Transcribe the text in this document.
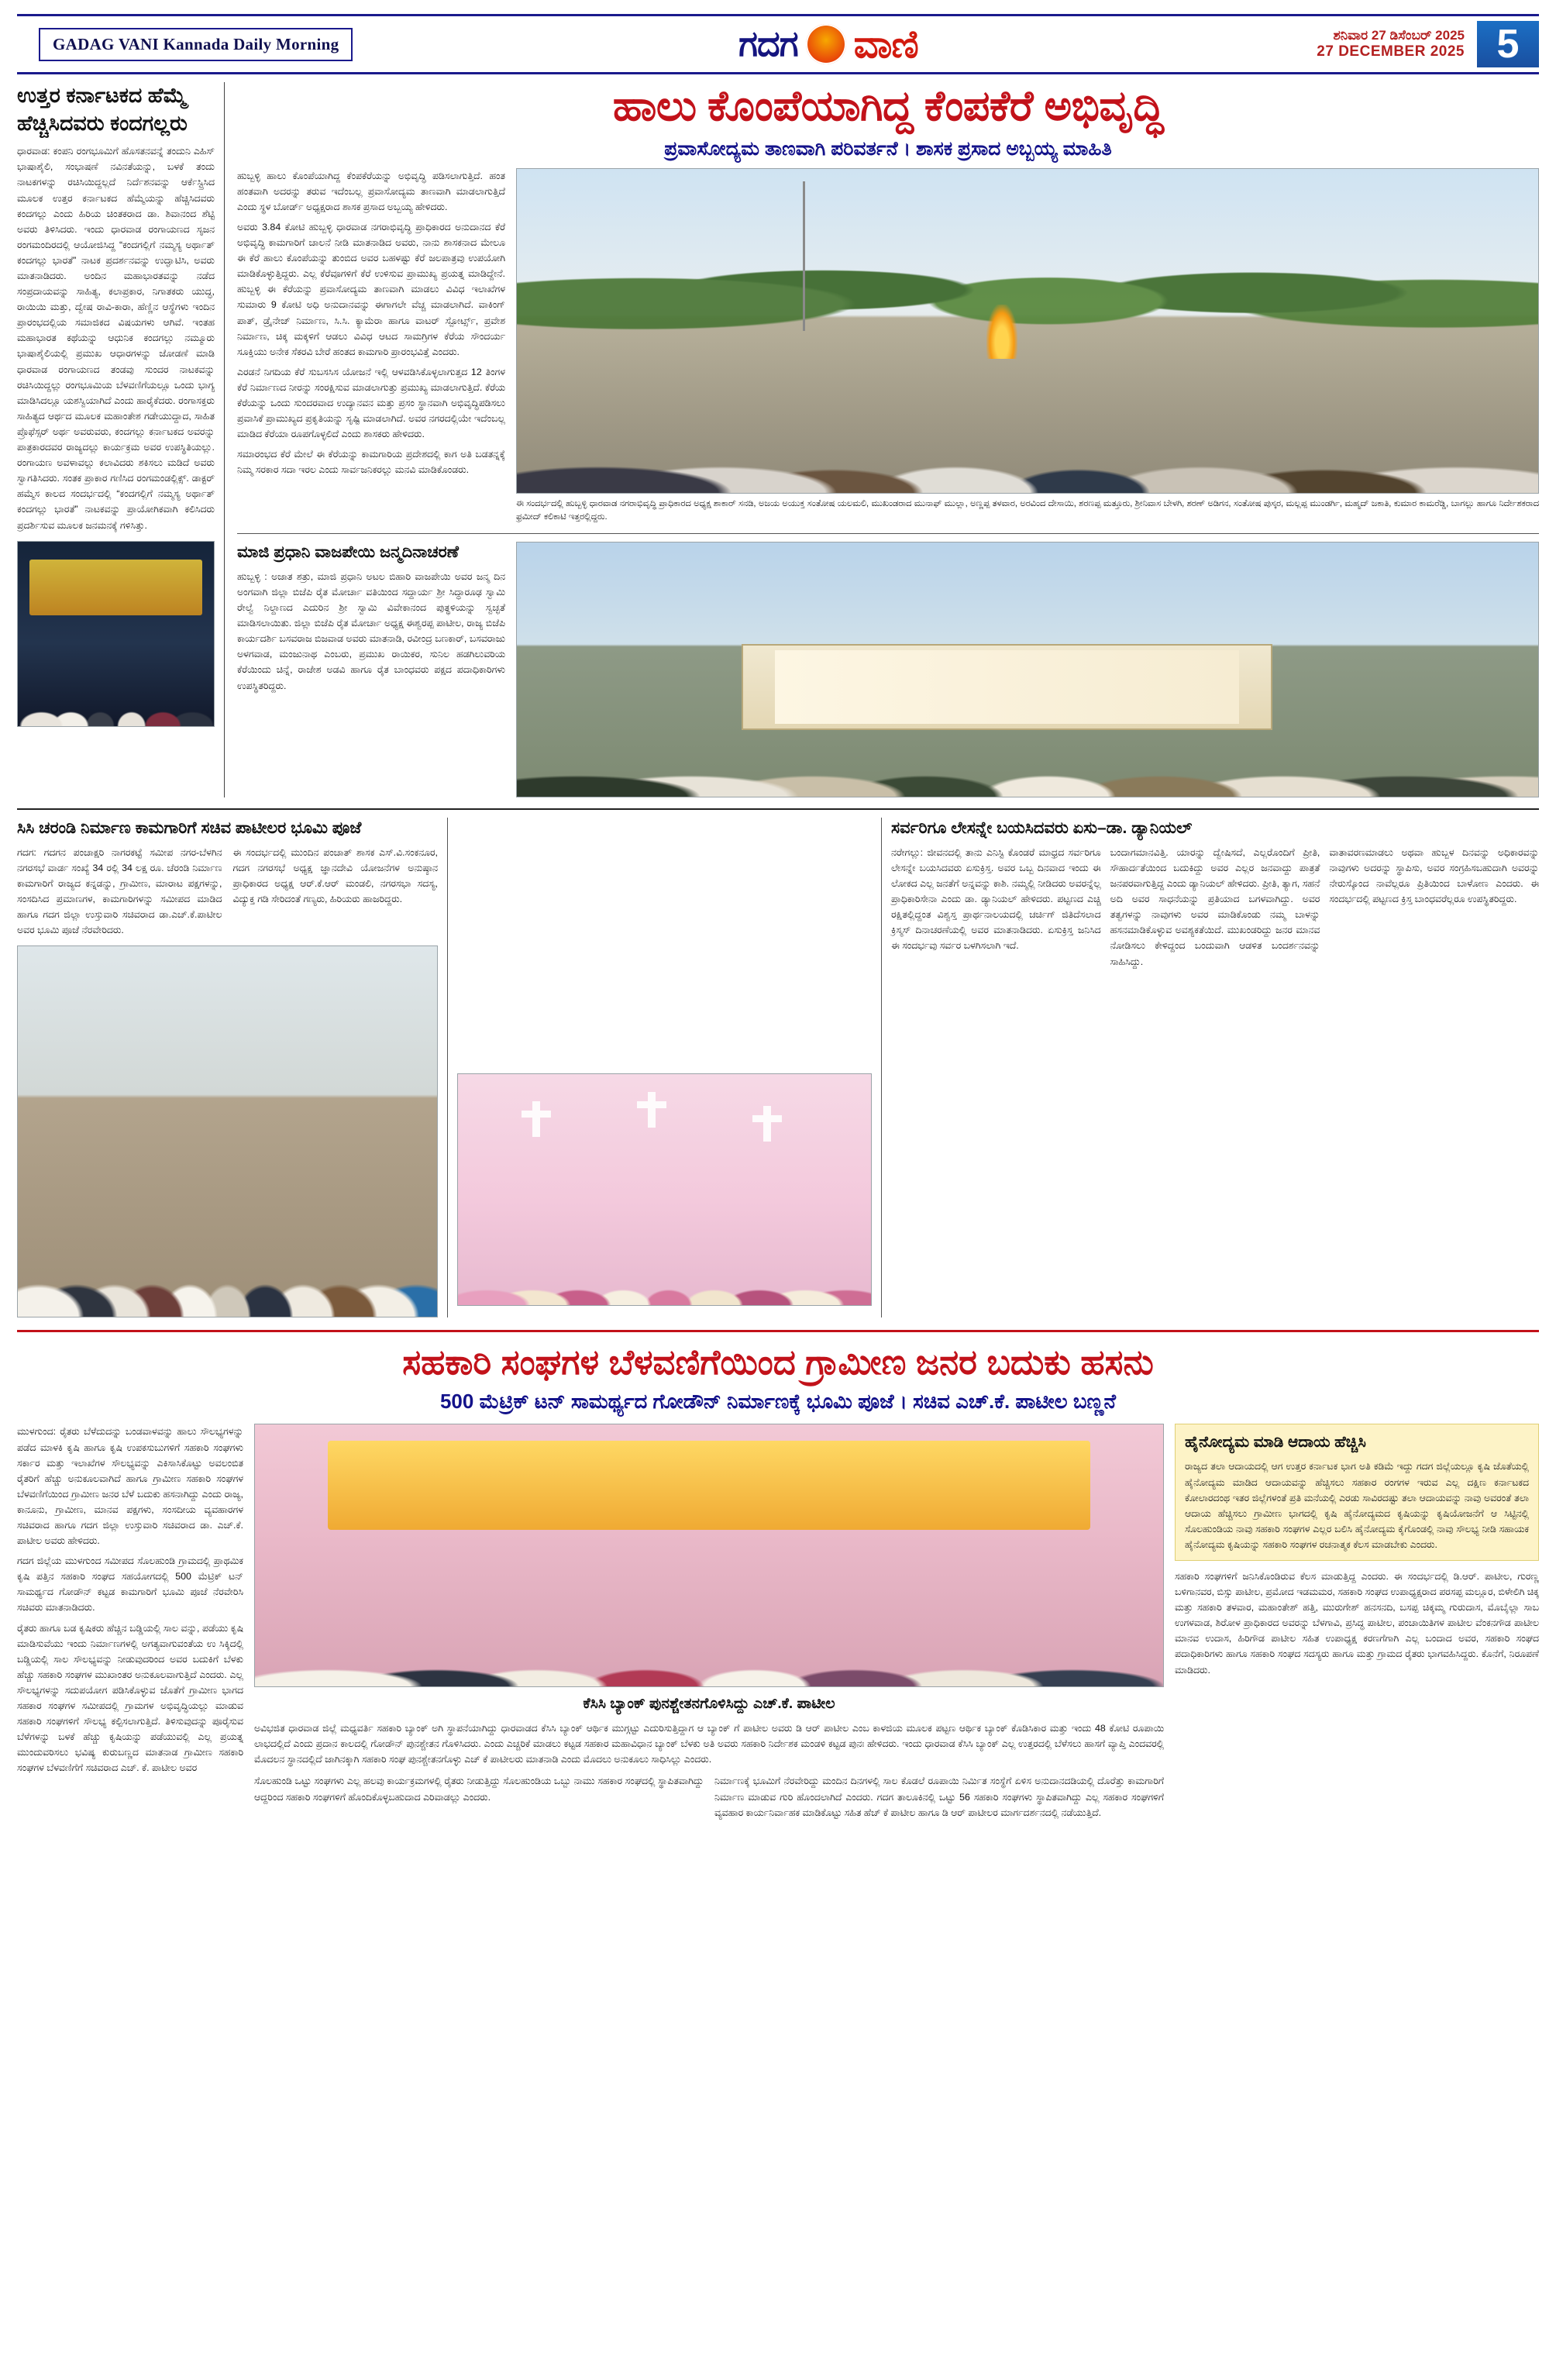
GADAG VANI Kannada Daily Morning	ಗದಗ ವಾಣಿ	ಶನಿವಾರ 27 ಡಿಸೆಂಬರ್ 2025
27 DECEMBER 2025 5
ಉತ್ತರ ಕರ್ನಾಟಕದ ಹೆಮ್ಮೆ ಹೆಚ್ಚಿಸಿದವರು ಕಂದಗಲ್ಲರು
ಧಾರವಾಡ: ಕಂಪನಿ ರಂಗಭೂಮಿಗೆ ಹೊಸತನವನ್ನೆ ತಂದುನಿ ಎಹಿಸ್ ಭಾಷಾಶೈಲಿ, ಸಂಭಾಷಣೆ ನವಿನತೆಯನ್ನು, ಬಳಕೆ ತಂದು ನಾಟಕಗಳನ್ನು ರಚಿಸಿಯಿದ್ದಲ್ಲದೆ ನಿರ್ದೆಶನವನ್ನು ಆರ್ಕೆಸ್ಟ್ರಿಸಿದ ಮೂಲಕ ಉತ್ತರ ಕರ್ನಾಟಕದ ಹೆಮ್ಮೆಯನ್ನು ಹೆಚ್ಚಿಸಿದವರು ಕಂದಗಲ್ಲು ಎಂದು ಹಿರಿಯ ಚಿಂತಕರಾದ ಡಾ. ಶಿವಾನಂದ ಶೆಟ್ಟಿ ಅವರು ತಿಳಿಸಿದರು. ಇಂದು ಧಾರವಾಡ ರಂಗಾಯಣದ ಸೃಜನ ರಂಗಮಂದಿರದಲ್ಲಿ ಆಯೋಜಿಸಿದ್ದ “ಕಂದಗಲ್ಲಿಗೆ ನಮ್ಮಸ್ಯ ಅರ್ಥಾತ್ ಕಂದಗಲ್ಲು ಭಾರತೆ” ನಾಟಕ ಪ್ರದರ್ಶನವನ್ನು ಉದ್ಘಾಟಿಸಿ, ಅವರು ಮಾತನಾಡಿದರು. ಅಂದಿನ ಮಹಾಭಾರತವನ್ನು ನಡೆದ ಸಂಪ್ರದಾಯವನ್ನು ಸಾಹಿತ್ಯ, ಕಲಾಪ್ರಕಾರ, ನಿಗಾತಕರು ಯುದ್ಧ, ರಾಯಿಯಿ ಮತ್ತು, ದ್ವೇಷ ರಾವಿ-ಕಾರಾ, ಹೆಣ್ಣಿನ ಆಸ್ಥೆಗಳು ಇಂದಿನ ಪ್ರಾರಂಭದಲ್ಲಿಯ ಸಮಾಜಿಕದ ವಿಷಯಗಳು ಆಗಿವೆ. ಇಂತಹ ಮಹಾಭಾರತ ಕಥೆಯನ್ನು ಆಧುನಿಕ ಕಂದಗಲ್ಲು ನಮ್ಮೂರು ಭಾಷಾಶೈಲಿಯಲ್ಲಿ ಪ್ರಮುಖ ಆಧಾರಗಳನ್ನು ಜೋಡಣೆ ಮಾಡಿ ಧಾರವಾಡ ರಂಗಾಯಣದ ತಂಡವು ಸುಂದರ ನಾಟಕವನ್ನು ರಚಿಸಿಯಿದ್ದಲ್ಲು ರಂಗಭೂಮಿಯ ಬೆಳವಣಿಗೆಯಲ್ಲೂ ಒಂದು ಭಾಗ್ಯ ಮಾಡಿಸಿದಲ್ಲೂ ಯಶಸ್ವಿಯಾಗಿದೆ ಎಂದು ಹಾರೈಕೆದರು. ರಂಗಾಸಕ್ತರು ಸಾಹಿತ್ಯದ ಆರ್ಥದ ಮೂಲಕ ಮಹಾಂತೇಶ ಗಡೇಯುದ್ದಾದ, ಸಾಹಿತ ಪ್ರೊಫೆಸ್ಸರ್ ಅರ್ಥ ಅವರುವರು, ಕಂದಗಲ್ಲು ಕರ್ನಾಟಕದ ಅವರನ್ನು ಪಾತ್ರಕಾರದವರ ರಾಜ್ಯದಲ್ಲು ಕಾರ್ಯಕ್ರಮ ಅವರ ಉಪಸ್ಥಿತಿಯಲ್ಲು. ರಂಗಾಯಣ ಅವಳಾವಲ್ಲು ಕಲಾವಿದರು ಶಕಿಸಲು ಮಡಿದೆ ಅವರು ಸ್ವಾಗತಿಸಿದರು. ಸಂತಕ ಪ್ರಾಕಾರ ಗಣಿಸಿದ ರಂಗಮಂಡಲ್ಲಿಕ್ಸ್. ಡಾಕ್ಟರ್ ಹಮ್ಮೆಸ ಕಾಲದ ಸಂದರ್ಭದಲ್ಲಿ “ಕಂದಗಲ್ಲಿಗೆ ನಮ್ಮಸ್ಯ ಅರ್ಥಾತ್ ಕಂದಗಲ್ಲು ಭಾರತೆ” ನಾಟಕವನ್ನು ಪ್ರಾಯೋಗಿಕವಾಗಿ ಕಲಿಸಿದರು ಪ್ರದರ್ಶಿಸುವ ಮೂಲಕ ಜನಮನಕ್ಕೆ ಗಳಿಸಿತ್ತು.
ಹಾಲು ಕೊಂಪೆಯಾಗಿದ್ದ ಕೆಂಪಕೆರೆ ಅಭಿವೃದ್ಧಿ
ಪ್ರವಾಸೋದ್ಯಮ ತಾಣವಾಗಿ ಪರಿವರ್ತನೆ । ಶಾಸಕ ಪ್ರಸಾದ ಅಬ್ಬಯ್ಯ ಮಾಹಿತಿ
ಹುಬ್ಬಳ್ಳಿ ಹಾಲು ಕೊಂಪೆಯಾಗಿದ್ದ ಕೆಂಪಕೆರೆಯನ್ನು ಅಭಿವೃದ್ಧಿ ಪಡಿಸಲಾಗುತ್ತಿದೆ. ಹಂತ ಹಂತವಾಗಿ ಅದರನ್ನು ತರುವ ಇದೆಂಬಲ್ಲ ಪ್ರವಾಸೋದ್ಯಮ ತಾಣವಾಗಿ ಮಾಡಲಾಗುತ್ತಿದೆ ಎಂದು ಸ್ಥಳ ಬೋರ್ಡ್ ಅಧ್ಯಕ್ಷರಾದ ಶಾಸಕ ಪ್ರಸಾದ ಅಬ್ಬಯ್ಯ ಹೇಳಿದರು.
ಅವರು 3.84 ಕೋಟಿ ಹುಬ್ಬಳ್ಳಿ ಧಾರವಾಡ ನಗರಾಭಿವೃದ್ಧಿ ಪ್ರಾಧಿಕಾರದ ಅನುದಾನದ ಕೆರೆ ಅಭಿವೃದ್ಧಿ ಕಾಮಗಾರಿಗೆ ಚಾಲನೆ ನೀಡಿ ಮಾತನಾಡಿದ ಅವರು, ನಾನು ಶಾಸಕನಾದ ಮೇಲೂ ಈ ಕೆರೆ ಹಾಲು ಕೊಂಪೆಯನ್ನು ತುಂಬಿದ ಅವರ ಬಹಳಷ್ಟು ಕೆರೆ ಜಲಪಾತ್ರವು ಉಪಯೋಗಿ ಮಾಡಿಕೊಳ್ಳುತ್ತಿದ್ದರು. ಎಲ್ಲ ಕೆರೆವೂಗಳಿಗೆ ಕೆರೆ ಉಳಿಸುವ ಪ್ರಾಮುಖ್ಯ ಪ್ರಯತ್ನ ಮಾಡಿದ್ದೇನೆ. ಹುಬ್ಬಳ್ಳಿ ಈ ಕೆರೆಯನ್ನು ಪ್ರವಾಸೋದ್ಯಮ ತಾಣವಾಗಿ ಮಾಡಲು ವಿವಿಧ ಇಲಾಖೆಗಳ ಸುಮಾರು 9 ಕೋಟಿ ಅಧಿ ಅನುದಾನವನ್ನು ಈಗಾಗಲೇ ವೆಚ್ಚ ಮಾಡಲಾಗಿದೆ. ವಾಕಿಂಗ್ ಪಾತ್, ಡ್ರೈನೇಜ್ ನಿರ್ಮಾಣ, ಸಿ.ಸಿ. ಕ್ಯಾಮೆರಾ ಹಾಗೂ ವಾಟರ್ ಸ್ಪೋರ್ಟ್ಸ್, ಪ್ರವೇಶ ನಿರ್ಮಾಣ, ಚಿಕ್ಕ ಮಕ್ಕಳಿಗೆ ಆಡಲು ವಿವಿಧ ಆಟದ ಸಾಮಗ್ರಿಗಳ ಕೆರೆಯ ಸೌಂದರ್ಯ ಸೂಕ್ತಿಯು ಅನೇಕ ಸೆಕರವಿ ಬೇರೆ ಹಂತದ ಕಾಮಗಾರಿ ಪ್ರಾರಂಭವಿತ್ತೆ ಎಂದರು.
ಎರಡನೆ ನಿಗದಿಯ ಕೆರೆ ಸುಬಸಸಿಸ ಯೋಜನೆ ಇಲ್ಲಿ ಆಳವಡಿಸಿಕೊಳ್ಳಲಾಗುತ್ತದ 12 ತಿಂಗಳ ಕೆರೆ ನಿರ್ಮಾಣದ ನೀರನ್ನು ಸಂರಕ್ಷಿಸುವ ಮಾಡಲಾಗುತ್ತು ಪ್ರಮುಖ್ಯ ಮಾಡಲಾಗುತ್ತಿದೆ. ಕೆರೆಯ ಕೆರೆಯನ್ನು ಒಂದು ಸುಂದರವಾದ ಉದ್ಯಾನವನ ಮತ್ತು ಪ್ರಸಂ ಸ್ಥಾನವಾಗಿ ಅಭಿವೃದ್ಧಿಪಡಿಸಲು ಪ್ರವಾಸಿಕೆ ಪ್ರಾಮುಖ್ಯದ ಪ್ರಕೃತಿಯನ್ನು ಸೃಷ್ಟಿ ಮಾಡಲಾಗಿದೆ. ಅವರ ನಗರದಲ್ಲಿಯೇ ಇದೆಂಬಲ್ಲ ಮಾಡಿದ ಕೆರೆಯಾ ರೂಪಗೊಳ್ಳಲಿದೆ ಎಂದು ಶಾಸಕರು ಹೇಳಿದರು.
ಸಮಾರಂಭದ ಕೆರೆ ಮೇಲೆ ಈ ಕೆರೆಯನ್ನು ಕಾಮಗಾರಿಯ ಪ್ರದೇಶದಲ್ಲಿ ಕಾಗ ಅತಿ ಬಡತನ್ನಕ್ಕೆ ನಿಮ್ಮ ಸರಕಾರ ಸದಾ ಇರಲ ಎಂದು ಸಾರ್ವಜನಿಕರಲ್ಲು ಮನವಿ ಮಾಡಿಕೊಂಡರು.
ಈ ಸಂದರ್ಭದಲ್ಲಿ ಹುಬ್ಬಳ್ಳಿ ಧಾರವಾಡ ನಗರಾಭಿವೃದ್ಧಿ ಪ್ರಾಧಿಕಾರದ ಅಧ್ಯಕ್ಷ ಶಾಕಾರ್ ಸನಡಿ, ಅಜಯ ಅಯುಕ್ತ ಸಂತೋಷ ಯಲಮಲಿ, ಮುಖಂಡರಾದ ಮುನಾಫ್ ಮುಲ್ಲಾ, ಅಣ್ಣಪ್ಪ ತಳವಾರ, ಅರವಿಂದ ದೇಸಾಯಿ, ಶರಣಪ್ಪ ಮತ್ತೂರು, ಶ್ರೀನಿವಾಸ ಬೇಳಗಿ, ಶರಣ್ ಅಡಿಗನ, ಸಂತೋಷ ಪುಸ್ಕರ, ಮಲ್ಲಪ್ಪ ಮುಂಡರ್ಗಿ, ಮಹ್ಮದ್ ಜಕಾತಿ, ಕುಮಾರ ಕಾಮರೆಡ್ಡಿ, ಬಾಗಲ್ಲು ಹಾಗೂ ನಿರ್ದೇಶಕರಾದ ಫ್ರಮೀದ್ ಕಲಿಕಾಟಿ ಇತ್ತರಲ್ಲಿದ್ದರು.
ಮಾಜಿ ಪ್ರಧಾನಿ ವಾಜಪೇಯಿ ಜನ್ಮದಿನಾಚರಣೆ
ಹುಬ್ಬಳ್ಳಿ : ಅಜಾತ ಶತ್ರು, ಮಾಜಿ ಪ್ರಧಾನಿ ಅಟಲ ಬಿಹಾರಿ ವಾಜಪೇಯಿ ಅವರ ಜನ್ಮ ದಿನ ಅಂಗವಾಗಿ ಜಿಲ್ಲಾ ಬಿಜೆಪಿ ರೈತ ಮೋರ್ಚಾ ವತಿಯಿಂದ ಸದ್ದಾರ್ಯ ಶ್ರೀ ಸಿದ್ಧಾರೂಢ ಸ್ವಾಮಿ ರೇಲ್ವೆ ನಿಲ್ದಾಣದ ಎದುರಿನ ಶ್ರೀ ಸ್ವಾಮಿ ವಿವೇಕಾನಂದ ಪುತ್ಥಳಿಯನ್ನು ಸ್ವಚ್ಛತೆ ಮಾಡಿಸಲಾಯಿತು. ಜಿಲ್ಲಾ ಬಿಜೆಪಿ ರೈತ ಮೋರ್ಚಾ ಅಧ್ಯಕ್ಷ ಈಶ್ವರಪ್ಪ ಪಾಟೀಲ, ರಾಜ್ಯ ಬಿಜೆಪಿ ಕಾರ್ಯದರ್ಶಿ ಬಸವರಾಜ ಬಿಜವಾಡ ಅವರು ಮಾತನಾಡಿ, ರವೀಂದ್ರ ಬಣಕಾರ್, ಬಸವರಾಜು ಅಳಗವಾಡ, ಮಂಜುನಾಥ ಎಂಬರು, ಪ್ರಮುಖ ರಾಯಿಕರ, ಸುನಿಲ ಹಡಗಿಲುವರಿಯ ಕೆರೆಯಿಂದು ಚಿನ್ನೆ, ರಾಜೇಶ ಅಡವಿ ಹಾಗೂ ರೈತ ಬಾಂಧವರು ಪಕ್ಷದ ಪದಾಧಿಕಾರಿಗಳು ಉಪಸ್ಥಿತರಿದ್ದರು.
ಸಿಸಿ ಚರಂಡಿ ನಿರ್ಮಾಣ ಕಾಮಗಾರಿಗೆ ಸಚಿವ ಪಾಟೀಲರ ಭೂಮಿ ಪೂಜೆ
ಗದಗ: ಗದಗನ ಪಂಚಾಕ್ಷರಿ ನಾಗರಕಟ್ಟೆ ಸಮೀಪ ನಗರ-ಬೆಳಗಿನ ನಗರಸಭೆ ವಾರ್ಡ ಸಂಖ್ಯೆ 34 ರಲ್ಲಿ 34 ಲಕ್ಷ ರೂ. ಚೆರಂಡಿ ನಿರ್ಮಾಣ ಕಾಮಗಾರಿಗೆ ರಾಜ್ಯದ ಕನ್ನಡನ್ನು, ಗ್ರಾಮೀಣ, ಮಾರಾಟ ಪಕ್ಷಗಳನ್ನು, ಸಂಸದಿಸಿದ ಪ್ರಮಾಣಗಳ, ಕಾಮಗಾರಿಗಳನ್ನು ಸಮೀಪದ ಮಾಡಿದ ಹಾಗೂ ಗದಗ ಜಿಲ್ಲಾ ಉಸ್ತುವಾರಿ ಸಚಿವರಾದ ಡಾ.ಎಚ್.ಕೆ.ಪಾಟೀಲ ಅವರ ಭೂಮಿ ಪೂಜೆ ನೆರವೇರಿದರು.
ಈ ಸಂದರ್ಭದಲ್ಲಿ ಮುಂದಿನ ಪಂಚಾತ್ ಶಾಸಕ ಎಸ್.ವಿ.ಸಂಕನೂರ, ಗದಗ ನಗರಸಭೆ ಅಧ್ಯಕ್ಷ ಜ್ಞಾನದೇವಿ ಯೋಜನೆಗಳ ಅನುಷ್ಠಾನ ಪ್ರಾಧಿಕಾರದ ಅಧ್ಯಕ್ಷ ಆರ್.ಕೆ.ಆರ್ ಮಂಡಲಿ, ನಗರಸಭಾ ಸದಸ್ಯ, ವಿದ್ಯುಕ್ತ ಗಡಿ ಸೇರಿದಂತೆ ಗಣ್ಯರು, ಹಿರಿಯರು ಹಾಜರಿದ್ದರು.
ಸರ್ವರಿಗೂ ಲೇಸನ್ನೇ ಬಯಸಿದವರು ಏಸು–ಡಾ. ಡ್ಯಾನಿಯಲ್
ನರೇಗಲ್ಲು: ಜೀವನದಲ್ಲಿ ತಾನು ಎನಿಸ್ಟಿ ಕೊಂಡರೆ ಮಾಧ್ರದ ಸರ್ವರಿಗೂ ಲೇಸನ್ನೇ ಬಯಸಿದವರು ಏಸುಕ್ರಿಸ್ತ. ಅವರ ಒಬ್ಬ ದಿನವಾದ ಇಂದು ಈ ಲೋಕದ ಎಲ್ಲ ಜನತೆಗೆ ಅನ್ನವನ್ನು ಕಾಶಿ. ನಮ್ಮಲ್ಲಿ ನೀಡಿದರು ಅವರನ್ನೆಲ್ಲ ಪ್ರಾಧಿಕಾರಿಸೇನಾ ಎಂದು ಡಾ. ಡ್ಯಾನಿಯಲ್ ಹೇಳಿದರು. ಪಟ್ಟಣದ ಎಚ್ಚಿ ರಕ್ಷಿತಲ್ಲಿದ್ದಂತ ವಿಶ್ವಸ್ತ ಪ್ರಾರ್ಥನಾಲಯದಲ್ಲಿ ಚರ್ಚಿಗ್ ಜಿತಿದೆಸಲಾದ ಕ್ರಿಸ್ಮಸ್ ದಿನಾಚರಣೆಯಲ್ಲಿ ಅವರ ಮಾತನಾಡಿದರು. ಏಸುಕ್ರಿಸ್ತ ಜನಿಸಿದ ಈ ಸಂದರ್ಭವು ಸರ್ವರ ಬಳಗಿಸಲಾಗಿ ಇದೆ.
ಬಂದಾಗಮಾನವಿತ್ತಿ. ಯಾರನ್ನು ದ್ವೇಷಿಸದೆ, ಎಲ್ಲರೊಂದಿಗೆ ಪ್ರೀತಿ, ಸೌಹಾರ್ದತೆಯಿಂದ ಬದುಕಿದ್ದು ಅವರ ಎಲ್ಲರ ಜನವಾದ್ದು ಪಾತ್ರತೆ ಜನಪರವಾಗುತ್ತಿದ್ದ ಎಂದು ಡ್ಯಾನಿಯಲ್ ಹೇಳಿದರು. ಪ್ರೀತಿ, ತ್ಯಾಗ, ಸಹನೆ ಅದಿ ಅವರ ಸಾಧನೆಯನ್ನು ಪ್ರತಿಯಾದ ಬಗಳವಾಗಿದ್ದು. ಅವರ ತತ್ವಗಳನ್ನು ನಾವುಗಳು ಅವರ ಮಾಡಿಕೊಂಡು ನಮ್ಮ ಬಾಳನ್ನು ಹಸನಮಾಡಿಕೊಳ್ಳುವ ಅವಶ್ಯಕತೆಯಿದೆ. ಮುಖಂಡರಿದ್ದು ಜನರ ಮಾನವ ನೋಡಿಸಲು ಕೇಳಿದ್ದಂದ ಬಂದುವಾಗಿ ಆಡಳಿತ ಬಂದರ್ಶನವನ್ನು ಸಾಹಿಸಿದ್ದು.
ವಾತಾವರಣಮಾಡಲು ಅಥವಾ ಹುಬ್ಬಳ ದಿನವನ್ನು ಅಧಿಕಾರವನ್ನು ನಾವುಗಳು ಅದರನ್ನು ಸ್ಥಾಪಿಸು, ಅವರ ಸಂಗ್ರಹಿಸಬಹುದಾಗಿ ಅವರನ್ನು ನೇರುಸ್ಕೊಂದ ನಾವೆಲ್ಲರೂ ಪ್ರಿತಿಯಿಂದ ಬಾಳೋಣ ಎಂದರು. ಈ ಸಂದರ್ಭದಲ್ಲಿ ಪಟ್ಟಣದ ಕ್ರಿಸ್ತ ಬಾಂಧವರೆಲ್ಲರೂ ಉಪಸ್ಥಿತರಿದ್ದರು.
ಸಹಕಾರಿ ಸಂಘಗಳ ಬೆಳವಣಿಗೆಯಿಂದ ಗ್ರಾಮೀಣ ಜನರ ಬದುಕು ಹಸನು
500 ಮೆಟ್ರಿಕ್ ಟನ್ ಸಾಮರ್ಥ್ಯದ ಗೋಡೌನ್ ನಿರ್ಮಾಣಕ್ಕೆ ಭೂಮಿ ಪೂಜೆ । ಸಚಿವ ಎಚ್.ಕೆ. ಪಾಟೀಲ ಬಣ್ಣನೆ
ಮುಳಗುಂದ: ರೈತರು ಬೆಳೆದುದನ್ನು ಬಂಡವಾಳವನ್ನು ಹಾಲು ಸೌಲಭ್ಯಗಳನ್ನು ಪಡೆದ ಮಾಳಕಿ ಕೃಷಿ ಹಾಗೂ ಕೃಷಿ ಉಪಕಸುಬುಗಳಿಗೆ ಸಹಕಾರಿ ಸಂಘಗಳು ಸರ್ಕಾರ ಮತ್ತು ಇಲಾಖೆಗಳ ಸೌಲಭ್ಯವನ್ನು ಎಕಿಸಾಸಿಕೊಟ್ಟು ಅವಲಂಬಿತ ರೈತರಿಗೆ ಹೆಚ್ಚು ಅನುಕೂಲವಾಗಿದೆ ಹಾಗೂ ಗ್ರಾಮೀಣ ಸಹಕಾರಿ ಸಂಘಗಳ ಬೆಳವಣಿಗೆಯಿಂದ ಗ್ರಾಮೀಣ ಜನರ ಬೆಳೆ ಬದುಕು ಹಸನಾಗಿದ್ದು ಎಂದು ರಾಜ್ಯ, ಕಾನೂನು, ಗ್ರಾಮೀಣ, ಮಾನವ ಪಕ್ಷಗಳು, ಸಂಸದೀಯ ವ್ಯವಹಾರಗಳ ಸಚಿವರಾದ ಹಾಗೂ ಗದಗ ಜಿಲ್ಲಾ ಉಸ್ತುವಾರಿ ಸಚಿವರಾದ ಡಾ. ಎಚ್.ಕೆ. ಪಾಟೀಲ ಅವರು ಹೇಳಿದರು.
ಗದಗ ಜಿಲ್ಲೆಯ ಮುಳಗುಂದ ಸಮೀಪದ ಸೊಲಹುಂಡಿ ಗ್ರಾಮದಲ್ಲಿ ಪ್ರಾಥಮಿಕ ಕೃಷಿ ಪತ್ತಿನ ಸಹಕಾರಿ ಸಂಘದ ಸಹಯೋಗದಲ್ಲಿ 500 ಮೆಟ್ರಿಕ್ ಟನ್ ಸಾಮರ್ಥ್ಯದ ಗೋಡೌನ್ ಕಟ್ಟಡ ಕಾಮಗಾರಿಗೆ ಭೂಮಿ ಪೂಜೆ ನೆರವೇರಿಸಿ ಸಚಿವರು ಮಾತನಾಡಿದರು.
ರೈತರು ಹಾಗೂ ಬಡ ಕೃಷಿಕರು ಹೆಚ್ಚಿನ ಬಡ್ಡಿಯಲ್ಲಿ ಸಾಲ ವನ್ನು, ಪಡೆಯು ಕೃಷಿ ಮಾಡಿಸುವೆಯು ಇಂದು ನಿರ್ಮಾಣಗಳಲ್ಲಿ ಅಗತ್ಯವಾಗುವಂತೆಯ ಉ ಸಿಕ್ಕಿದಲ್ಲಿ ಬಡ್ಡಿಯಲ್ಲಿ ಸಾಲ ಸೌಲಭ್ಯವನ್ನು ನೀಡುವುದರಿಂದ ಅವರ ಬದುಕಿಗೆ ಬೆಳಕು ಹೆಚ್ಚು ಸಹಕಾರಿ ಸಂಘಗಳ ಮುಖಾಂತರ ಅನುಕೂಲವಾಗುತ್ತಿದೆ ಎಂದರು. ಎಲ್ಲ ಸೌಲಭ್ಯಗಳನ್ನು ಸದುಪಯೋಗ ಪಡಿಸಿಕೊಳ್ಳುವ ಜೊತೆಗೆ ಗ್ರಾಮೀಣ ಭಾಗದ ಸಹಕಾರ ಸಂಘಗಳ ಸಮೀಪದಲ್ಲಿ ಗ್ರಾಮಗಳ ಅಭಿವೃದ್ಧಿಯಲ್ಲು ಮಾಡುವ ಸಹಕಾರಿ ಸಂಘಗಳಿಗೆ ಸೌಲಭ್ಯ ಕಲ್ಪಿಸಲಾಗುತ್ತಿದೆ. ತಿಳಿಸುವುದನ್ನು ಪೂರೈಸುವ ಬೆಳೆಗಳನ್ನು ಬಳಕೆ ಹೆಚ್ಚು ಕೃಷಿಯನ್ನು ಪಡೆಯುವಲ್ಲಿ ಎಲ್ಲ ಪ್ರಯತ್ನ ಮುಂದುವರಿಸಲು ಭವಿಷ್ಯ ಕುರುಬಣ್ಣದ ಮಾತನಾಡ ಗ್ರಾಮೀಣ ಸಹಕಾರಿ ಸಂಘಗಳ ಬೆಳವಣಿಗೆಗೆ ಸಚಿವರಾದ ಎಚ್. ಕೆ. ಪಾಟೀಲ ಅವರ
ಕೆಸಿಸಿ ಬ್ಯಾಂಕ್ ಪುನಶ್ಚೇತನಗೊಳಿಸಿದ್ದು ಎಚ್.ಕೆ. ಪಾಟೀಲ
ಅವಿಭಜಿತ ಧಾರವಾಡ ಜಿಲ್ಲೆ ಮಧ್ಯವರ್ತಿ ಸಹಕಾರಿ ಬ್ಯಾಂಕ್ ಅಗಿ ಸ್ಥಾಪನೆಯಾಗಿದ್ದು ಧಾರವಾಡದ ಕೆಸಿಸಿ ಬ್ಯಾಂಕ್ ಆರ್ಥಿಕ ಮುಗ್ಗಟ್ಟು ಎದುರಿಸುತ್ತಿದ್ದಾಗ ಆ ಬ್ಯಾಂಕ್ ಗೆ ಪಾಟೀಲ ಅವರು ಡಿ ಆರ್ ಪಾಟೀಲ ಎಂಬ ಕಾಳಜಿಯ ಮೂಲಕ ಪಟ್ಟಣ ಆರ್ಥಿಕ ಬ್ಯಾಂಕ್ ಕೊಡಿಸಿಕಾರ ಮತ್ತು ಇಂದು 48 ಕೋಟಿ ರೂಪಾಯಿ ಲಾಭದಲ್ಲಿದೆ ಎಂದು ಪ್ರದಾನ ಕಾಲದಲ್ಲಿ ಗೋಡೌನ್ ಪುನಶ್ಚೇತನ ಗೊಳಿಸಿದರು. ಎಂದು ಎಚ್ಚರಿಕೆ ಮಾಡಲು ಕಟ್ಟಡ ಸಹಕಾರ ಮಹಾವಿಧಾನ ಬ್ಯಾಂಕ್ ಬೆಳಕು ಅತಿ ಅವರು ಸಹಕಾರಿ ನಿರ್ದೇಶಕ ಮಂಡಳಿ ಕಟ್ಟಡ ಪುನಃ ಹೇಳಿದರು. ಇಂದು ಧಾರವಾಡ ಕೆಸಿಸಿ ಬ್ಯಾಂಕ್ ಎಲ್ಲ ಉತ್ತರದಲ್ಲಿ ಬೆಳೆಸಲು ಹಾಸಗೆ ವ್ಯಾಪ್ತಿ ಎಂದವರಲ್ಲಿ ಮೊದಲನ ಸ್ಥಾನದಲ್ಲಿದೆ ಜಾಗಿನಕ್ಕಾಗಿ ಸಹಕಾರಿ ಸಂಘ ಪುನಶ್ಚೇತನಗೊಳ್ಳು ಎಚ್ ಕೆ ಪಾಟೀಲರು ಮಾತನಾಡಿ ಎಂದು ಮೊದಲು ಅನುಕೂಲು ಸಾಧಿಸಿಲ್ಲು ಎಂದರು.
ಸೊಲಹುಂಡಿ ಒಟ್ಟು ಸಂಘಗಳು ಎಲ್ಲ ಹಲವು ಕಾರ್ಯಕ್ರಮಗಳಲ್ಲಿ ರೈತರು ನೀಡುತ್ತಿದ್ದು ಸೊಲಹುಂಡಿಯ ಒಬ್ಬು ನಾಮು ಸಹಕಾರ ಸಂಘದಲ್ಲಿ ಸ್ಥಾಪಿತವಾಗಿದ್ದು ಆದ್ದರಿಂದ ಸಹಕಾರಿ ಸಂಘಗಳಿಗೆ ಹೊಂದಿಕೊಳ್ಳಬಹುದಾದ ಎರಿವಾಡಲ್ಲು ಎಂದರು.
ನಿರ್ಮಾಣಕ್ಕೆ ಭೂಮಿಗೆ ನೆರವೇರಿದ್ದು ಮಂದಿನ ದಿನಗಳಲ್ಲಿ ಸಾಲ ಕೊಡಲೆ ರೂಪಾಯಿ ನಿರ್ಮಿತ ಸಂಸ್ಥೆಗೆ ಏಳಿಸ ಅನುದಾನದಡಿಯಲ್ಲಿ ದೊರೆತ್ತು ಕಾಮಗಾರಿಗೆ ನಿರ್ಮಾಣ ಮಾಡುವ ಗುರಿ ಹೊಂದಲಾಗಿದೆ ಎಂದರು. ಗದಗ ತಾಲೂಕಿನಲ್ಲಿ ಒಟ್ಟು 56 ಸಹಕಾರಿ ಸಂಘಗಳು ಸ್ಥಾಪಿತವಾಗಿದ್ದು ಎಲ್ಲ ಸಹಕಾರ ಸಂಘಗಳಿಗೆ ವ್ಯವಹಾರ ಕಾರ್ಯನಿರ್ವಾಹಕ ಮಾಡಿಕೊಟ್ಟು ಸಹಿತ ಹೆಚ್ ಕೆ ಪಾಟೀಲ ಹಾಗೂ ಡಿ ಆರ್ ಪಾಟೀಲರ ಮಾರ್ಗದರ್ಶನದಲ್ಲಿ ನಡೆಯುತ್ತಿದೆ.
ಹೈನೋದ್ಯಮ ಮಾಡಿ ಆದಾಯ ಹೆಚ್ಚಿಸಿ
ರಾಜ್ಯದ ತಲಾ ಆದಾಯದಲ್ಲಿ ಆಗ ಉತ್ತರ ಕರ್ನಾಟಕ ಭಾಗ ಅತಿ ಕಡಿಮೆ ಇದ್ದು ಗದಗ ಜಿಲ್ಲೆಯಲ್ಲೂ ಕೃಷಿ ಜೊತೆಯಲ್ಲಿ ಹೈನೋದ್ಯಮ ಮಾಡಿದ ಆದಾಯವನ್ನು ಹೆಚ್ಚಿಸಲು ಸಹಕಾರ ರಂಗಗಳ ಇರುವ ಎಲ್ಲ ದಕ್ಷಿಣ ಕರ್ನಾಟಕದ ಕೋಲಾರದಂಥ ಇತರ ಜಿಲ್ಲೆಗಳಂತೆ ಪ್ರತಿ ಮನೆಯಲ್ಲಿ ಎರಡು ಸಾವಿರದಷ್ಟು ತಲಾ ಆದಾಯವನ್ನು ನಾವು ಅವರಂತೆ ತಲಾ ಆದಾಯ ಹೆಚ್ಚಿಸಲು ಗ್ರಾಮೀಣ ಭಾಗದಲ್ಲಿ ಕೃಷಿ ಹೈನೋದ್ಯಮದ ಕೃಷಿಯನ್ನು ಕೃಷಿಯೋಜನೆಗೆ ಆ ಸಿಟ್ಟಿನಲ್ಲಿ ಸೊಲಹುಂಡಿಯ ನಾವು ಸಹಕಾರಿ ಸಂಘಗಳ ಎಲ್ಲರ ಬಲಿಸಿ ಹೈನೋದ್ಯಮ ಕೈಗೊಂಡಲ್ಲಿ ನಾವು ಸೌಲಭ್ಯ ನೀಡಿ ಸಹಾಯಕ ಹೈನೋದ್ಯಮ ಕೃಷಿಯನ್ನು ಸಹಕಾರಿ ಸಂಘಗಳ ರಚನಾತ್ಮಕ ಕೆಲಸ ಮಾಡಬೇಕು ಎಂದರು.
ಸಹಕಾರಿ ಸಂಘಗಳಿಗೆ ಜನಿಸಿಕೊಂಡಿರುವ ಕೆಲಸ ಮಾಡುತ್ತಿದ್ದ ಎಂದರು. ಈ ಸಂದರ್ಭದಲ್ಲಿ ಡಿ.ಆರ್. ಪಾಟೀಲ, ಗುರಣ್ಣ ಬಳಿಗಾನವರ, ಬಿಸ್ಸು ಪಾಟೀಲ, ಪ್ರಮೋದ ಇಡಮಮರ, ಸಹಕಾರಿ ಸಂಘದ ಉಪಾಧ್ಯಕ್ಷರಾದ ಪರಸಪ್ಪ ಮಲ್ಲೂರ, ಬಿಳೇಲಿಗಿ ಚಿಕ್ಕ ಮತ್ತು ಸಹಕಾರಿ ತಳವಾರ, ಮಹಾಂತೇಶ್ ಹತ್ತಿ, ಮುರುಗೇಶ್ ಹನಸನದಿ, ಬಸಪ್ಪ ಚಿಕ್ಕಮ್ಮ ಗುರುದಾಸ, ಮೊಬೈಲ್ಲಾ ಸಾಬ ಉಗಳವಾಡ, ಶಿರೋಳ ಪ್ರಾಧಿಕಾರದ ಅವರನ್ನು ಬೆಳಗಾವಿ, ಪ್ರಸಿದ್ಧ ಪಾಟೀಲ, ಪಂಚಾಯಿತಿಗಳ ಪಾಟೀಲ ವೆಂಕನಗೌಡ ಪಾಟೀಲ ಮಾನವ ಉದಾಸ, ಹಿರಿಗೌಡ ಪಾಟೀಲ ಸಹಿತ ಉಪಾಧ್ಯಕ್ಷ ಕರಣಗೆಗಾಗಿ ಎಲ್ಲ ಬಂದಾದ ಅವರ, ಸಹಕಾರಿ ಸಂಘದ ಪದಾಧಿಕಾರಿಗಳು ಹಾಗೂ ಸಹಕಾರಿ ಸಂಘದ ಸದಸ್ಯರು ಹಾಗೂ ಮತ್ತು ಗ್ರಾಮದ ರೈತರು ಭಾಗವಹಿಸಿದ್ದರು. ಕೊನೆಗೆ, ನಿರೂಪಣೆ ಮಾಡಿದರು.
